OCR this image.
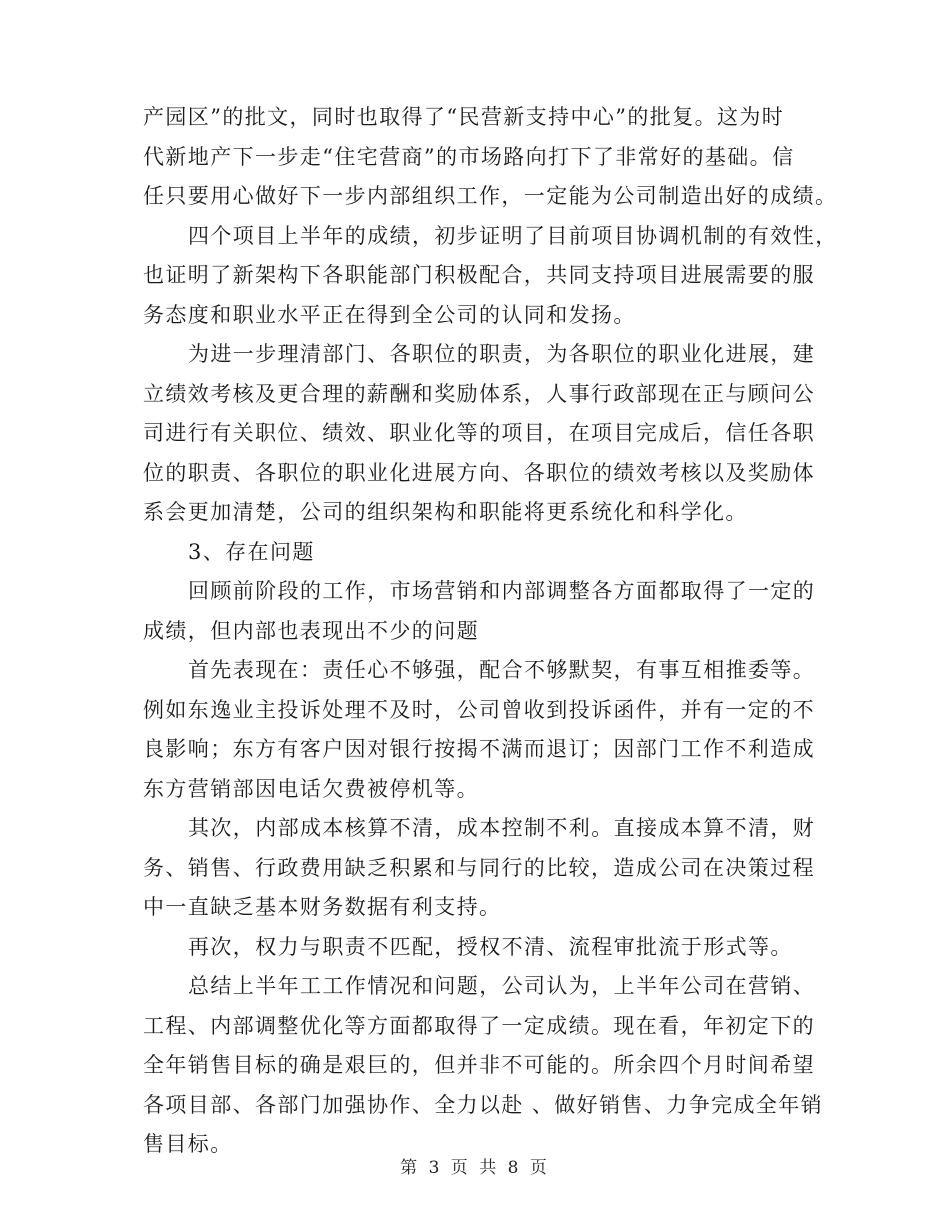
产园区”的批文，同时也取得了“民营新支持中心”的批复。这为时
代新地产下一步走“住宅营商”的市场路向打下了非常好的基础。信
任只要用心做好下一步内部组织工作，一定能为公司制造出好的成绩。
四个项目上半年的成绩，初步证明了目前项目协调机制的有效性，
也证明了新架构下各职能部门积极配合，共同支持项目进展需要的服
务态度和职业水平正在得到全公司的认同和发扬。
为进一步理清部门、各职位的职责，为各职位的职业化进展，建
立绩效考核及更合理的薪酬和奖励体系，人事行政部现在正与顾问公
司进行有关职位、绩效、职业化等的项目，在项目完成后，信任各职
位的职责、各职位的职业化进展方向、各职位的绩效考核以及奖励体
系会更加清楚，公司的组织架构和职能将更系统化和科学化。
3、存在问题
回顾前阶段的工作，市场营销和内部调整各方面都取得了一定的
成绩，但内部也表现出不少的问题
首先表现在：责任心不够强，配合不够默契，有事互相推委等。
例如东逸业主投诉处理不及时，公司曾收到投诉函件，并有一定的不
良影响；东方有客户因对银行按揭不满而退订；因部门工作不利造成
东方营销部因电话欠费被停机等。
其次，内部成本核算不清，成本控制不利。直接成本算不清，财
务、销售、行政费用缺乏积累和与同行的比较，造成公司在决策过程
中一直缺乏基本财务数据有利支持。
再次，权力与职责不匹配，授权不清、流程审批流于形式等。
总结上半年工工作情况和问题，公司认为，上半年公司在营销、
工程、内部调整优化等方面都取得了一定成绩。现在看，年初定下的
全年销售目标的确是艰巨的，但并非不可能的。所余四个月时间希望
各项目部、各部门加强协作、全力以赴 、做好销售、力争完成全年销
售目标。
第 3 页 共 8 页
